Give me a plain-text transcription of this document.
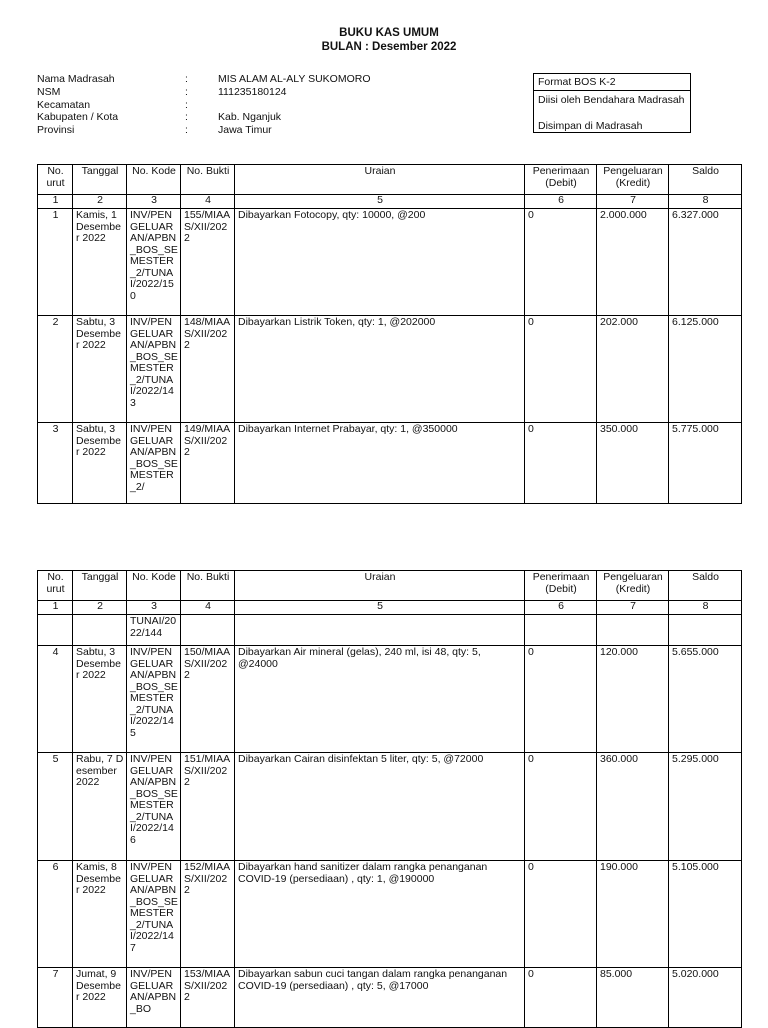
BUKU KAS UMUM
BULAN : Desember 2022
Nama Madrasah	:	MIS ALAM AL-ALY SUKOMORO
NSM	:	111235180124
Kecamatan	:
Kabupaten / Kota	:	Kab. Nganjuk
Provinsi	:	Jawa Timur
Format BOS K-2
Diisi oleh Bendahara Madrasah
Disimpan di Madrasah
No. urut	Tanggal	No. Kode	No. Bukti	Uraian	Penerimaan (Debit)	Pengeluaran (Kredit)	Saldo
1	2	3	4	5	6	7	8
1	Kamis, 1 Desember 2022	INV/PENGELUARAN/APBN_BOS_SEMESTER_2/TUNAI/2022/150	155/MIAAS/XII/2022	Dibayarkan Fotocopy, qty: 10000, @200	0	2.000.000	6.327.000
2	Sabtu, 3 Desember 2022	INV/PENGELUARAN/APBN_BOS_SEMESTER_2/TUNAI/2022/143	148/MIAAS/XII/2022	Dibayarkan Listrik Token, qty: 1, @202000	0	202.000	6.125.000
3	Sabtu, 3 Desember 2022	INV/PENGELUARAN/APBN_BOS_SEMESTER_2/	149/MIAAS/XII/2022	Dibayarkan Internet Prabayar, qty: 1, @350000	0	350.000	5.775.000
No. urut	Tanggal	No. Kode	No. Bukti	Uraian	Penerimaan (Debit)	Pengeluaran (Kredit)	Saldo
1	2	3	4	5	6	7	8
		TUNAI/2022/144					
4	Sabtu, 3 Desember 2022	INV/PENGELUARAN/APBN_BOS_SEMESTER_2/TUNAI/2022/145	150/MIAAS/XII/2022	Dibayarkan Air mineral (gelas), 240 ml, isi 48, qty: 5, @24000	0	120.000	5.655.000
5	Rabu, 7 Desember 2022	INV/PENGELUARAN/APBN_BOS_SEMESTER_2/TUNAI/2022/146	151/MIAAS/XII/2022	Dibayarkan Cairan disinfektan 5 liter, qty: 5, @72000	0	360.000	5.295.000
6	Kamis, 8 Desember 2022	INV/PENGELUARAN/APBN_BOS_SEMESTER_2/TUNAI/2022/147	152/MIAAS/XII/2022	Dibayarkan hand sanitizer dalam rangka penanganan COVID-19 (persediaan) , qty: 1, @190000	0	190.000	5.105.000
7	Jumat, 9 Desember 2022	INV/PENGELUARAN/APBN_BO	153/MIAAS/XII/2022	Dibayarkan sabun cuci tangan dalam rangka penanganan COVID-19 (persediaan) , qty: 5, @17000	0	85.000	5.020.000
